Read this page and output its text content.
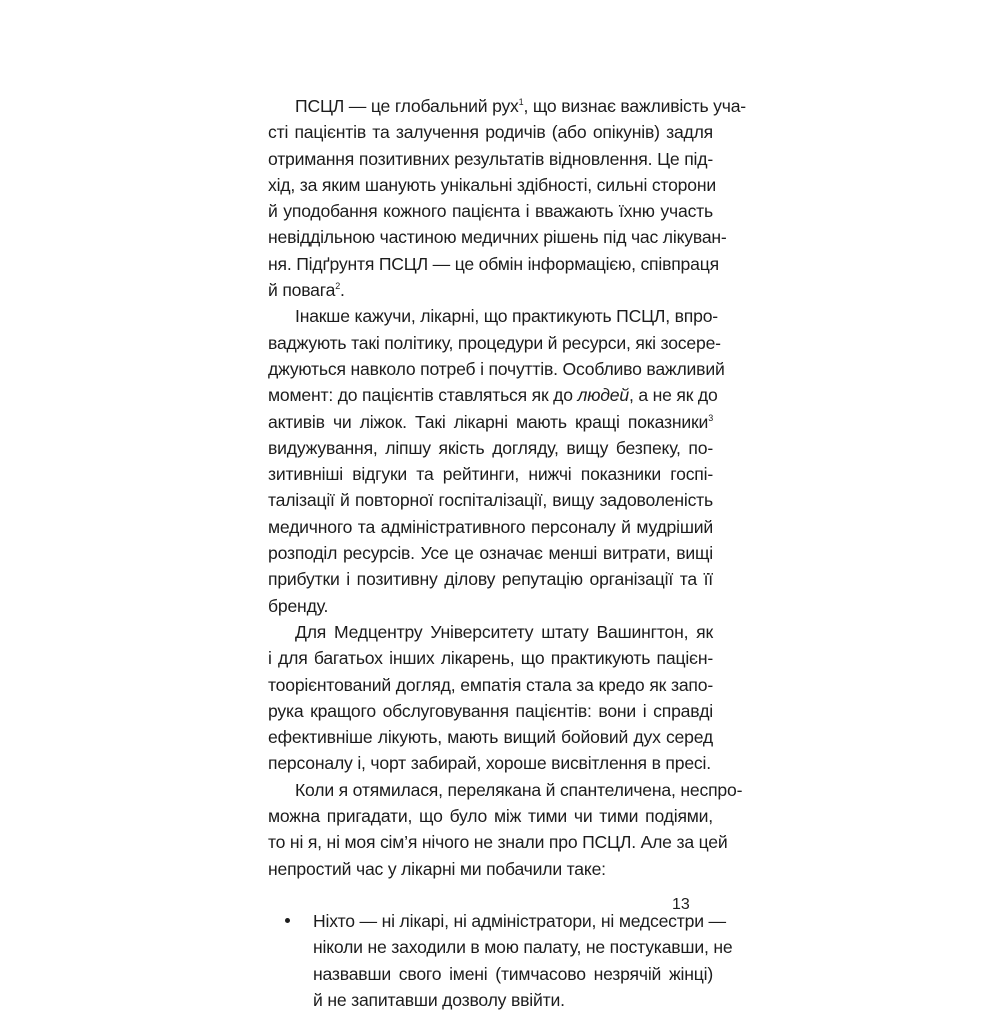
ПСЦЛ — це глобальний рух$^1$, що визнає важливість уча-

сті пацієнтів та залучення родичів (або опікунів) задля

отримання позитивних результатів відновлення. Це під-

хід, за яким шанують унікальні здібності, сильні сторони

й уподобання кожного пацієнта і вважають їхню участь

невіддільною частиною медичних рішень під час лікуван-

ня. Підґрунтя ПСЦЛ — це обмін інформацією, співпраця

й повага$^2$.

Інакше кажучи, лікарні, що практикують ПСЦЛ, впро-

ваджують такі політику, процедури й ресурси, які зосере-

джуються навколо потреб і почуттів. Особливо важливий

момент: до пацієнтів ставляться як до людей, а не як до

активів чи ліжок. Такі лікарні мають кращі показники$^3$

видужування, ліпшу якість догляду, вищу безпеку, по-

зитивніші відгуки та рейтинги, нижчі показники госпі-

талізації й повторної госпіталізації, вищу задоволеність

медичного та адміністративного персоналу й мудріший

розподіл ресурсів. Усе це означає менші витрати, вищі

прибутки і позитивну ділову репутацію організації та її

бренду.

Для Медцентру Університету штату Вашингтон, як

і для багатьох інших лікарень, що практикують пацієн-

тоорієнтований догляд, емпатія стала за кредо як запо-

рука кращого обслуговування пацієнтів: вони і справді

ефективніше лікують, мають вищий бойовий дух серед

персоналу і, чорт забирай, хороше висвітлення в пресі.

Коли я отямилася, перелякана й спантеличена, неспро-

можна пригадати, що було між тими чи тими подіями,

то ні я, ні моя сім’я нічого не знали про ПСЦЛ. Але за цей

непростий час у лікарні ми побачили таке:

Ніхто — ні лікарі, ні адміністратори, ні медсестри —

ніколи не заходили в мою палату, не постукавши, не

назвавши свого імені (тимчасово незрячій жінці)

й не запитавши дозволу ввійти.

13
